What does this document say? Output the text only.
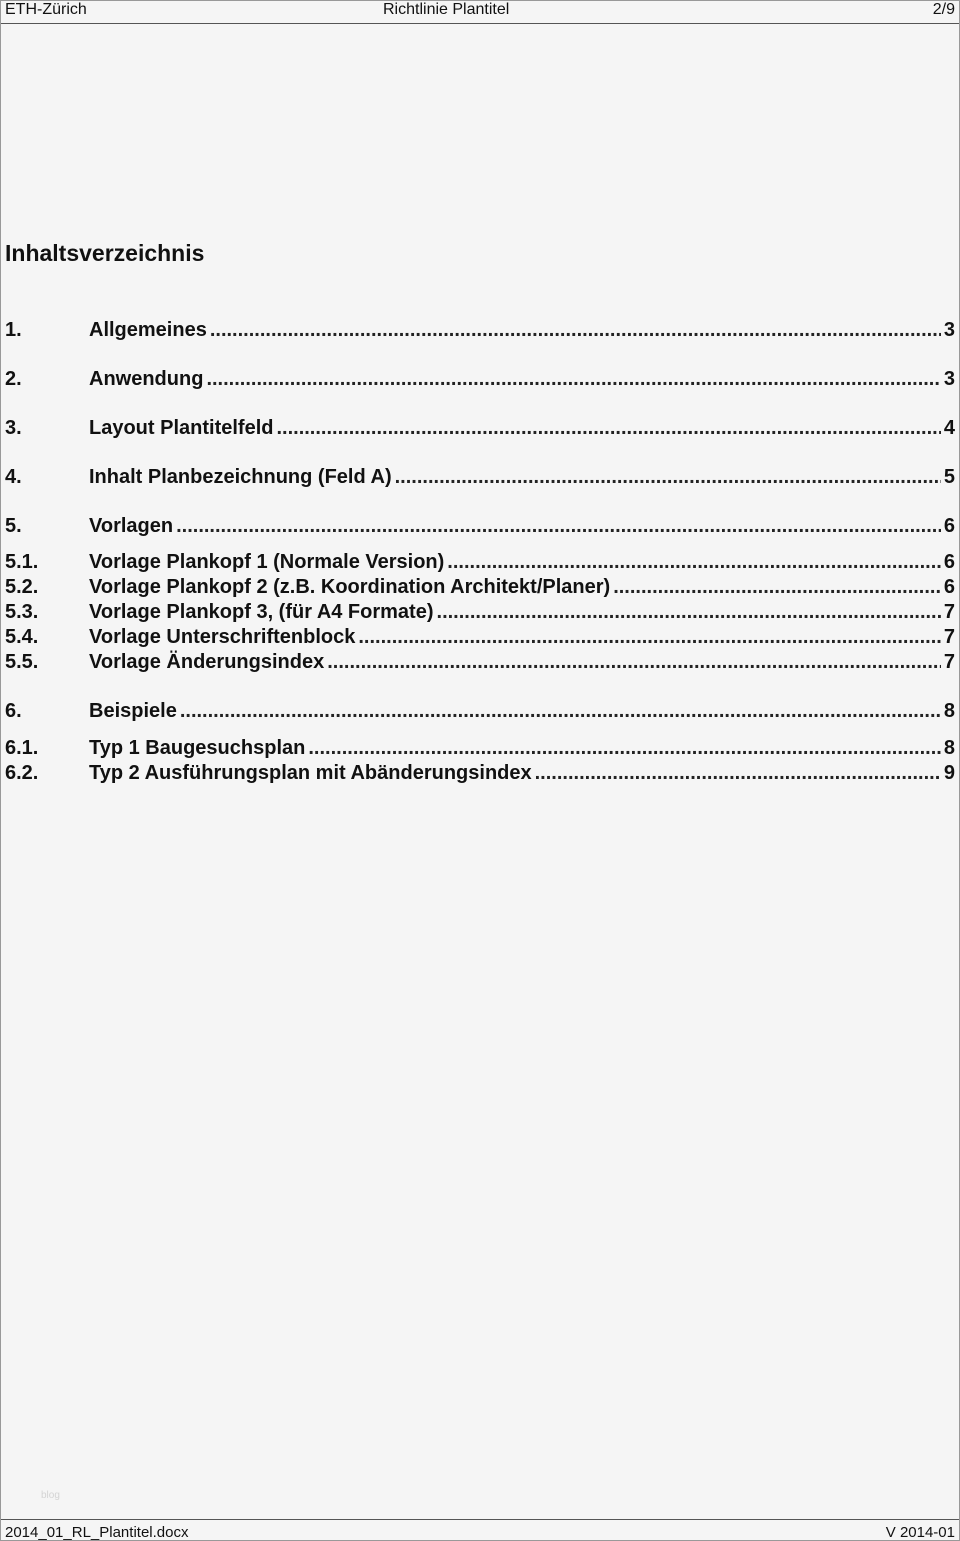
ETH-Zürich	Richtlinie Plantitel	2/9
Inhaltsverzeichnis
1.	Allgemeines .....	3
2.	Anwendung .....	3
3.	Layout Plantitelfeld .....	4
4.	Inhalt Planbezeichnung (Feld A) .....	5
5.	Vorlagen .....	6
5.1.	Vorlage Plankopf 1 (Normale Version) .....	6
5.2.	Vorlage Plankopf 2 (z.B. Koordination Architekt/Planer) .....	6
5.3.	Vorlage Plankopf 3, (für A4 Formate) .....	7
5.4.	Vorlage Unterschriftenblock .....	7
5.5.	Vorlage Änderungsindex .....	7
6.	Beispiele .....	8
6.1.	Typ 1 Baugesuchsplan .....	8
6.2.	Typ 2 Ausführungsplan mit Abänderungsindex .....	9
blog
2014_01_RL_Plantitel.docx	V 2014-01
